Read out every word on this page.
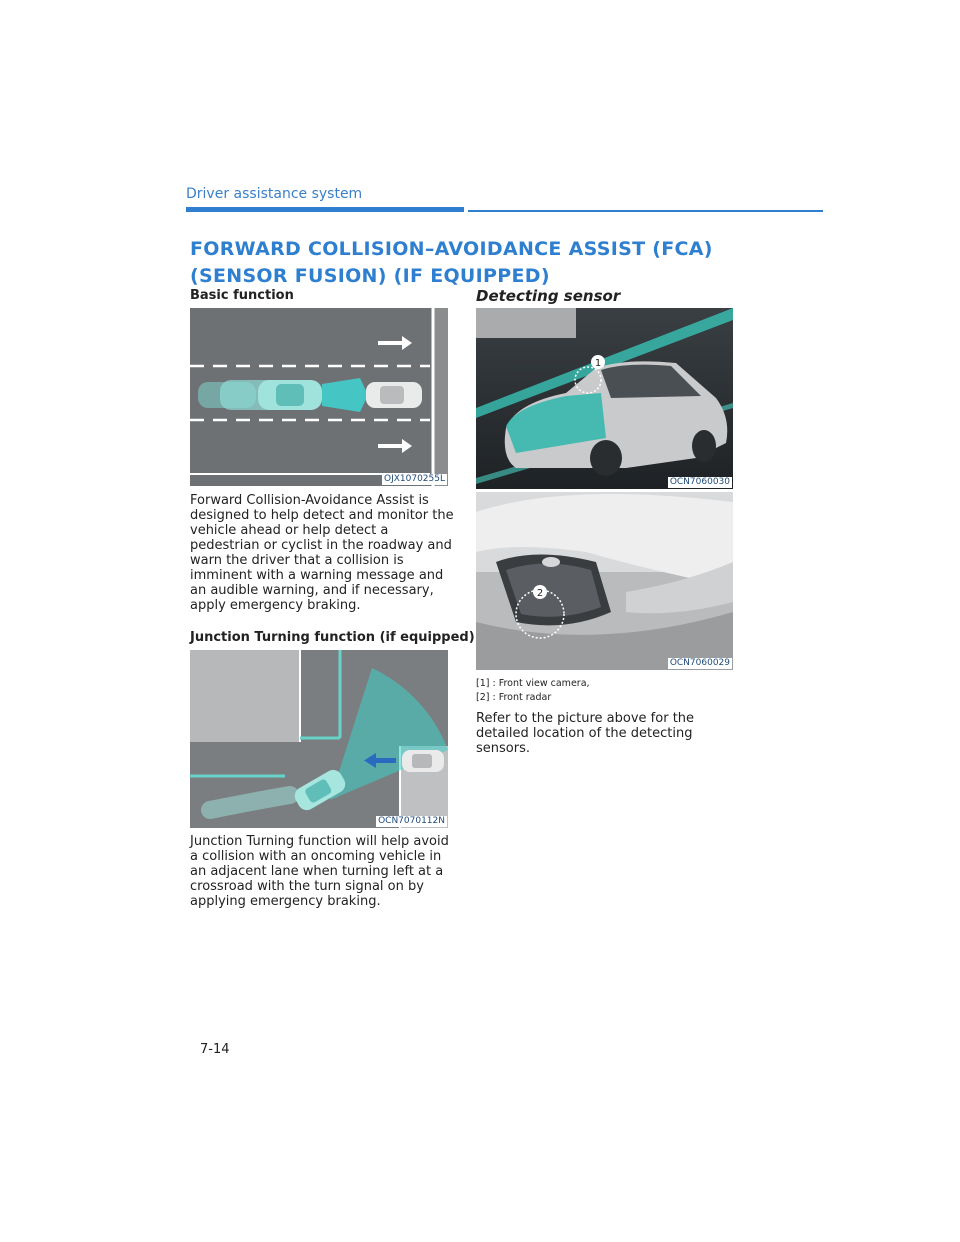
Driver assistance system
FORWARD COLLISION–AVOIDANCE ASSIST (FCA) (SENSOR FUSION) (IF EQUIPPED)
Basic function
OJX1070255L
Forward Collision-Avoidance Assist is designed to help detect and monitor the vehicle ahead or help detect a pedestrian or cyclist in the roadway and warn the driver that a collision is imminent with a warning message and an audible warning, and if necessary, apply emergency braking.
Junction Turning function (if equipped)
OCN7070112N
Junction Turning function will help avoid a collision with an oncoming vehicle in an adjacent lane when turning left at a crossroad with the turn signal on by applying emergency braking.
Detecting sensor
1
OCN7060030
2
OCN7060029
[1] : Front view camera,
[2] : Front radar
Refer to the picture above for the detailed location of the detecting sensors.
7-14
